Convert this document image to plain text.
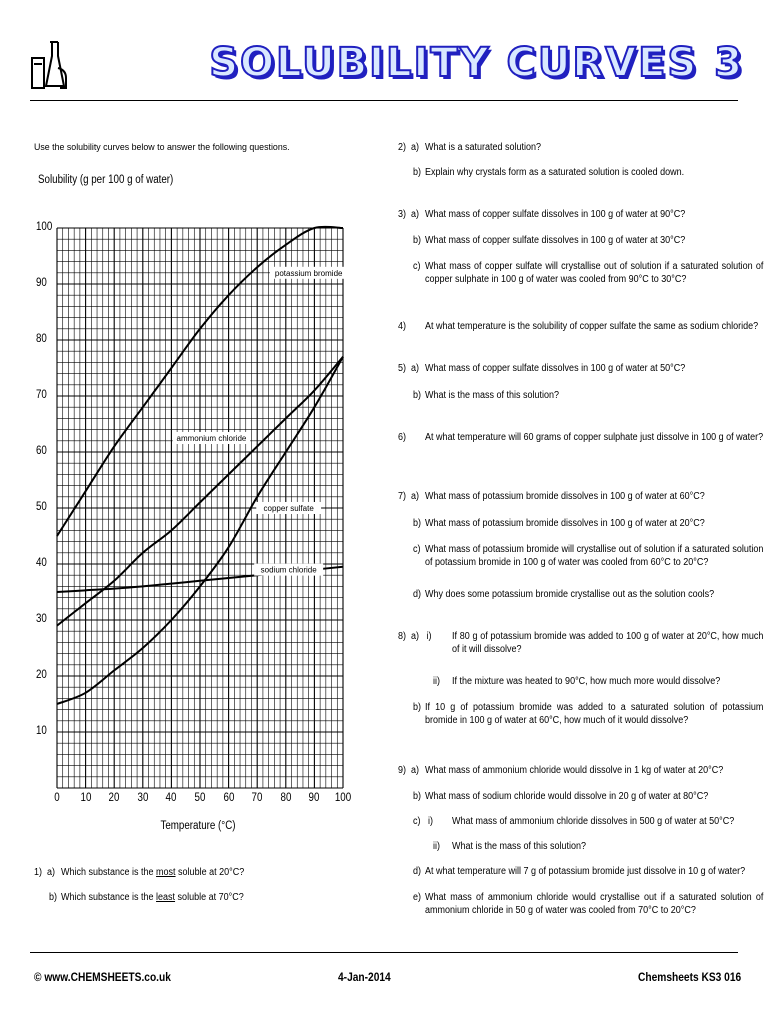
SOLUBILITY CURVES 3
Use the solubility curves below to answer the following questions.
Solubility (g per 100 g of water)
potassium bromide
ammonium chloride
copper sulfate
sodium chloride
10
20
30
40
50
60
70
80
90
100
0	10	20	30	40	50	60	70	80	90	100
Temperature (°C)
1)  a) Which substance is the most soluble at 20°C?
b) Which substance is the least soluble at 70°C?
2)  a) What is a saturated solution?
b) Explain why crystals form as a saturated solution is cooled down.
3)  a) What mass of copper sulfate dissolves in 100 g of water at 90°C?
b) What mass of copper sulfate dissolves in 100 g of water at 30°C?
c) What mass of copper sulfate will crystallise out of solution if a saturated solution of copper sulphate in 100 g of water was cooled from 90°C to 30°C?
4)	At what temperature is the solubility of copper sulfate the same as sodium chloride?
5)  a) What mass of copper sulfate dissolves in 100 g of water at 50°C?
b) What is the mass of this solution?
6)	At what temperature will 60 grams of copper sulphate just dissolve in 100 g of water?
7)  a) What mass of potassium bromide dissolves in 100 g of water at 60°C?
b) What mass of potassium bromide dissolves in 100 g of water at 20°C?
c) What mass of potassium bromide will crystallise out of solution if a saturated solution of potassium bromide in 100 g of water was cooled from 60°C to 20°C?
d) Why does some potassium bromide crystallise out as the solution cools?
8)  a)   i) If 80 g of potassium bromide was added to 100 g of water at 20°C, how much of it will dissolve?
ii) If the mixture was heated to 90°C, how much more would dissolve?
b) If 10 g of potassium bromide was added to a saturated solution of potassium bromide in 100 g of water at 60°C, how much of it would dissolve?
9)  a) What mass of ammonium chloride would dissolve in 1 kg of water at 20°C?
b) What mass of sodium chloride would dissolve in 20 g of water at 80°C?
c)   i) What mass of ammonium chloride dissolves in 500 g of water at 50°C?
ii) What is the mass of this solution?
d) At what temperature will 7 g of potassium bromide just dissolve in 10 g of water?
e) What mass of ammonium chloride would crystallise out if a saturated solution of ammonium chloride in 50 g of water was cooled from 70°C to 20°C?
© www.CHEMSHEETS.co.uk	4-Jan-2014	Chemsheets KS3 016
